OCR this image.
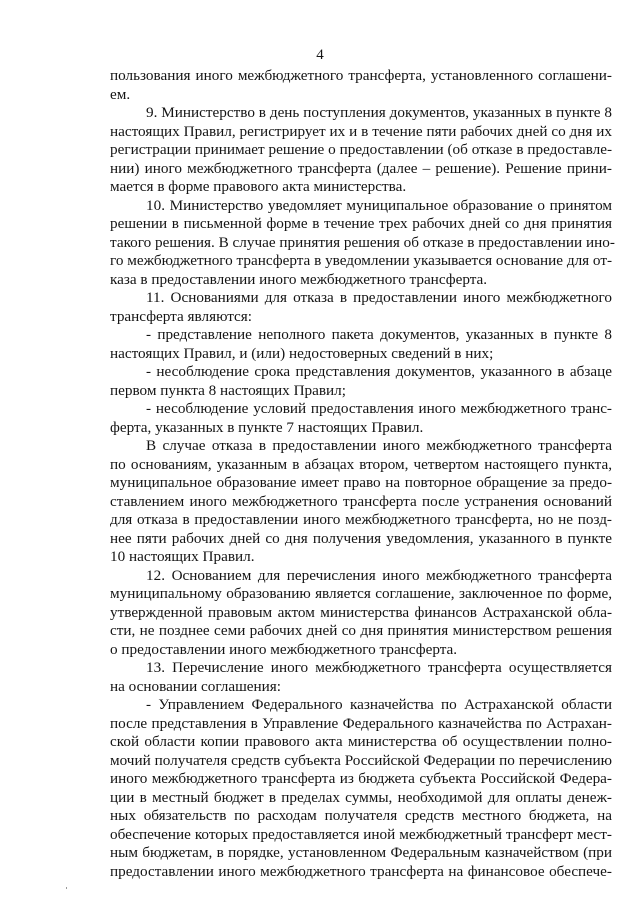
4
пользования иного межбюджетного трансферта, установленного соглашени-
ем.
9. Министерство в день поступления документов, указанных в пункте 8
настоящих Правил, регистрирует их и в течение пяти рабочих дней со дня их
регистрации принимает решение о предоставлении (об отказе в предоставле-
нии) иного межбюджетного трансферта (далее – решение). Решение прини-
мается в форме правового акта министерства.
10. Министерство уведомляет муниципальное образование о принятом
решении в письменной форме в течение трех рабочих дней со дня принятия
такого решения. В случае принятия решения об отказе в предоставлении ино-
го межбюджетного трансферта в уведомлении указывается основание для от-
каза в предоставлении иного межбюджетного трансферта.
11. Основаниями для отказа в предоставлении иного межбюджетного
трансферта являются:
- представление неполного пакета документов, указанных в пункте 8
настоящих Правил, и (или) недостоверных сведений в них;
- несоблюдение срока представления документов, указанного в абзаце
первом пункта 8 настоящих Правил;
- несоблюдение условий предоставления иного межбюджетного транс-
ферта, указанных в пункте 7 настоящих Правил.
В случае отказа в предоставлении иного межбюджетного трансферта
по основаниям, указанным в абзацах втором, четвертом настоящего пункта,
муниципальное образование имеет право на повторное обращение за предо-
ставлением иного межбюджетного трансферта после устранения оснований
для отказа в предоставлении иного межбюджетного трансферта, но не позд-
нее пяти рабочих дней со дня получения уведомления, указанного в пункте
10 настоящих Правил.
12. Основанием для перечисления иного межбюджетного трансферта
муниципальному образованию является соглашение, заключенное по форме,
утвержденной правовым актом министерства финансов Астраханской обла-
сти, не позднее семи рабочих дней со дня принятия министерством решения
о предоставлении иного межбюджетного трансферта.
13. Перечисление иного межбюджетного трансферта осуществляется
на основании соглашения:
- Управлением Федерального казначейства по Астраханской области
после представления в Управление Федерального казначейства по Астрахан-
ской области копии правового акта министерства об осуществлении полно-
мочий получателя средств субъекта Российской Федерации по перечислению
иного межбюджетного трансферта из бюджета субъекта Российской Федера-
ции в местный бюджет в пределах суммы, необходимой для оплаты денеж-
ных обязательств по расходам получателя средств местного бюджета, на
обеспечение которых предоставляется иной межбюджетный трансферт мест-
ным бюджетам, в порядке, установленном Федеральным казначейством (при
предоставлении иного межбюджетного трансферта на финансовое обеспече-
